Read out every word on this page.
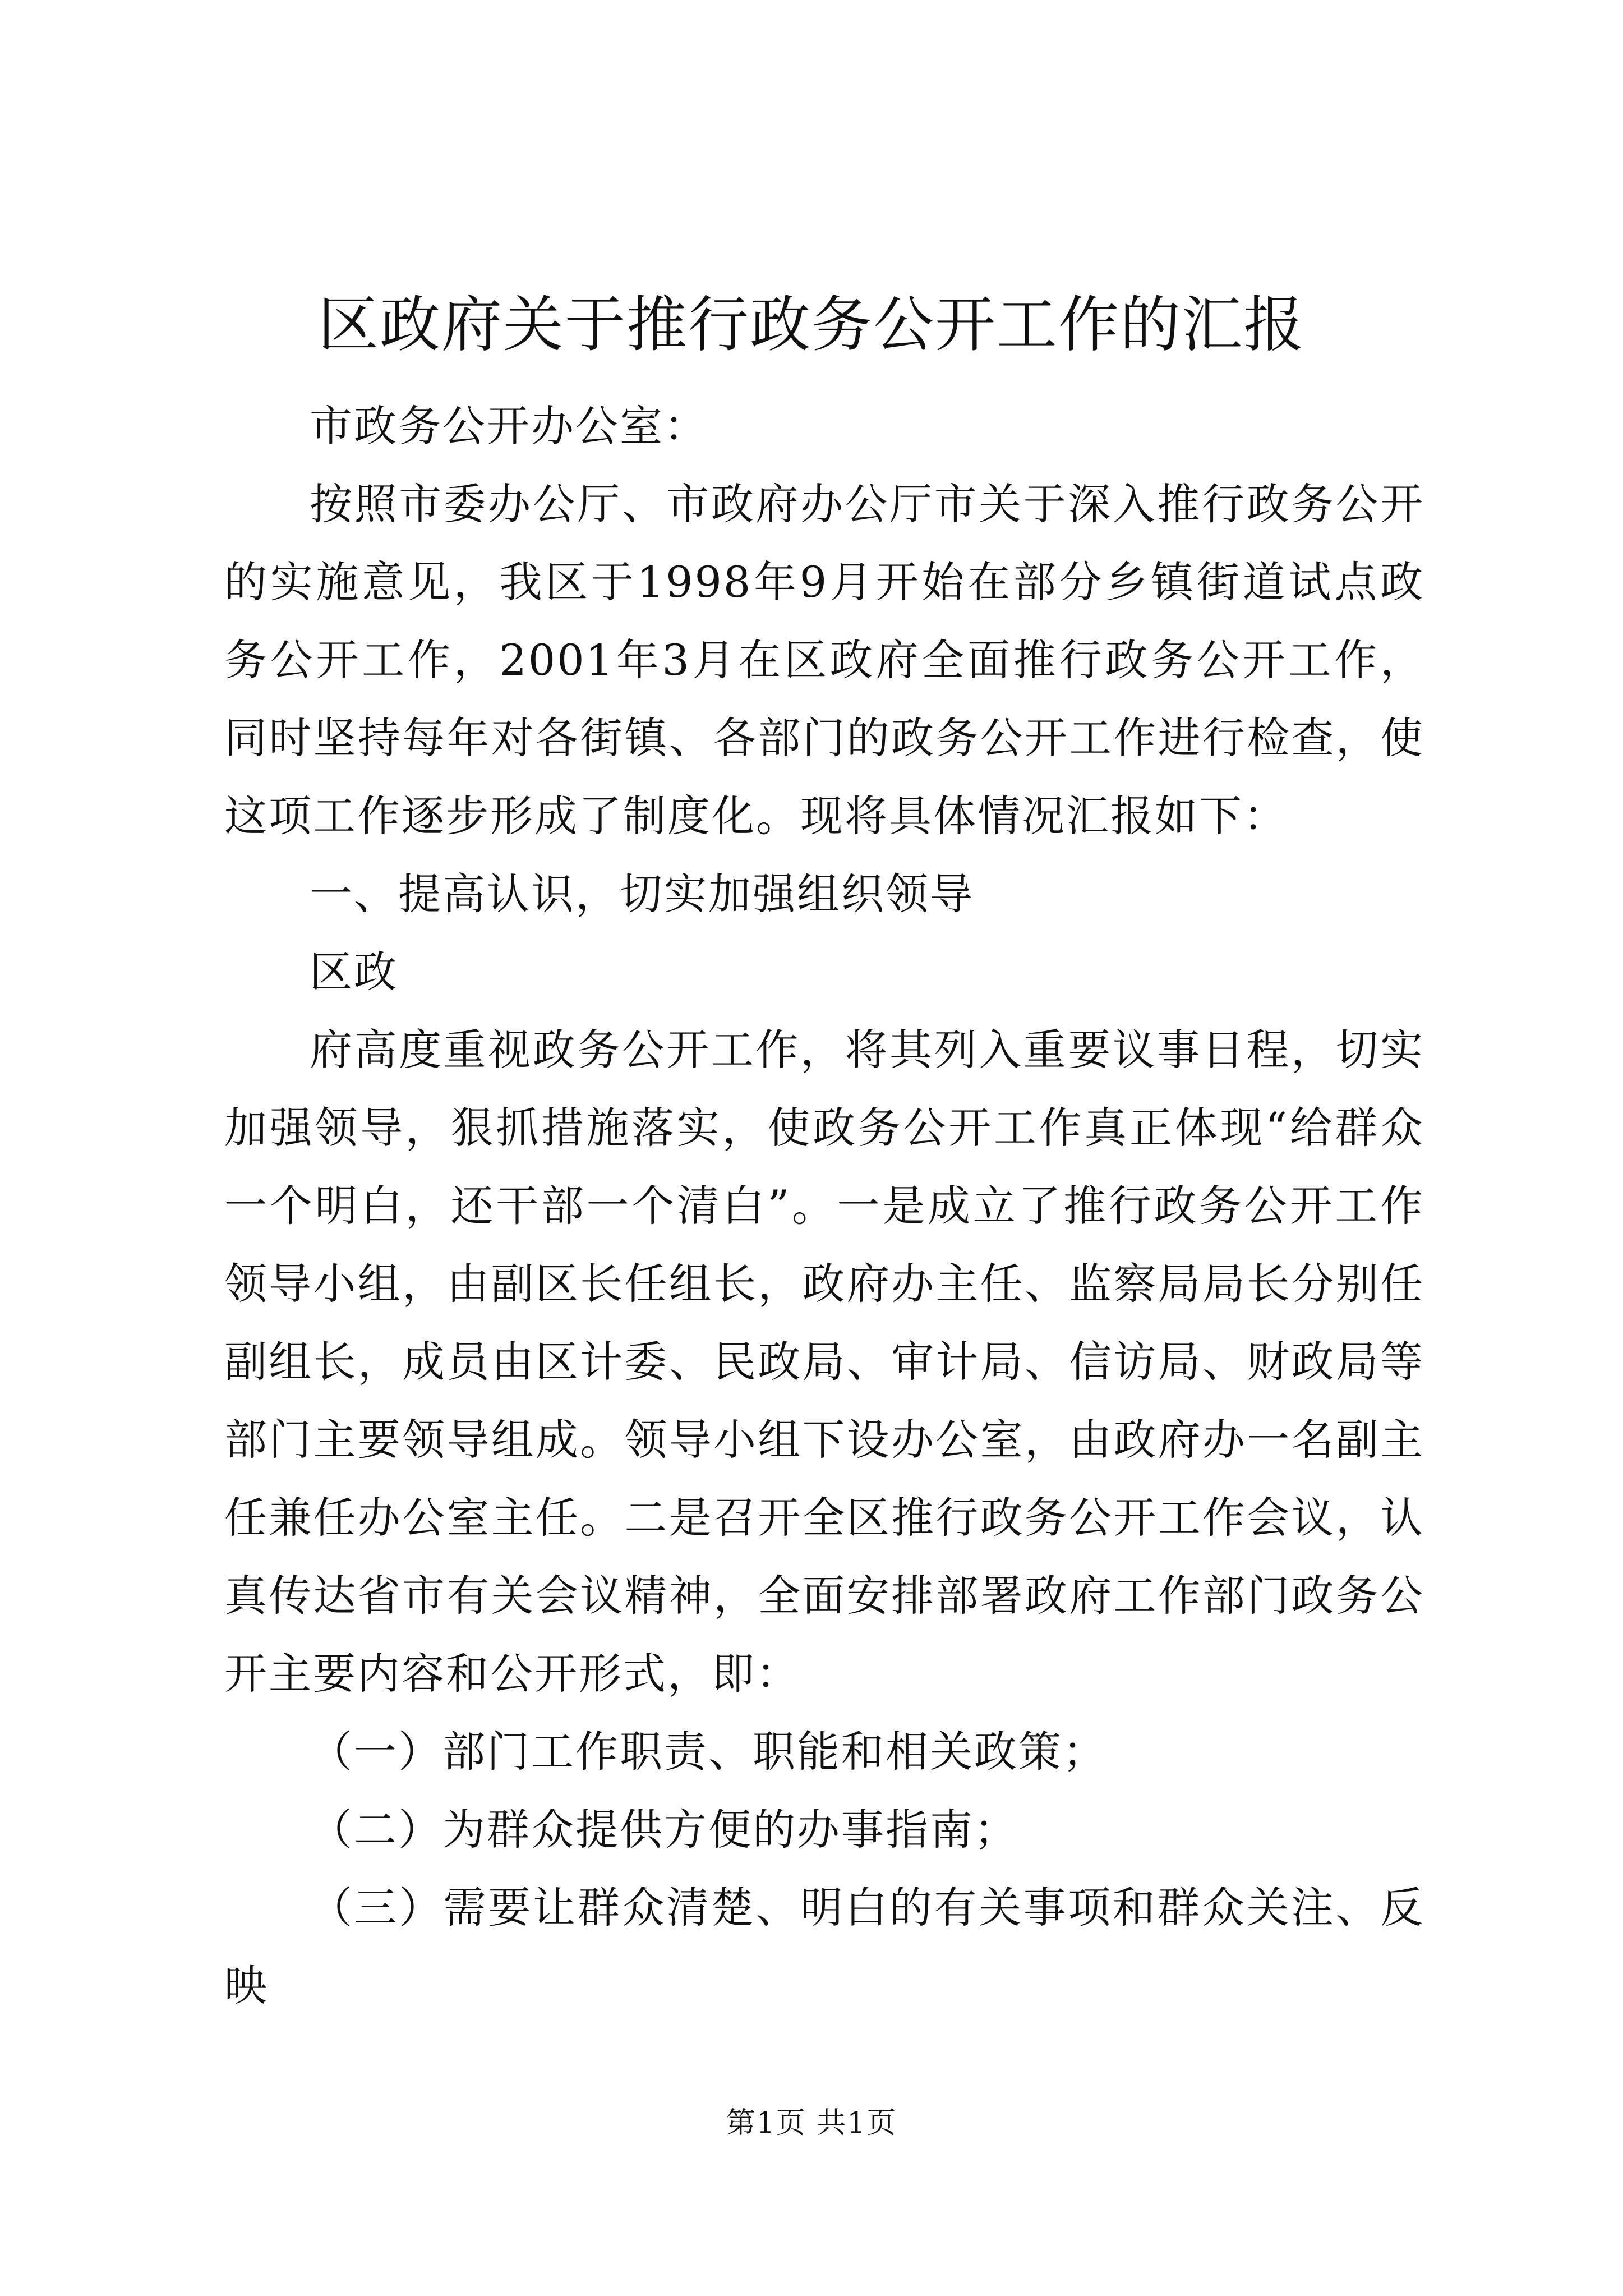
区政府关于推行政务公开工作的汇报

市政务公开办公室：

按照市委办公厅、市政府办公厅市关于深入推行政务公开的实施意见，我区于1998年9月开始在部分乡镇街道试点政务公开工作，2001年3月在区政府全面推行政务公开工作，同时坚持每年对各街镇、各部门的政务公开工作进行检查，使这项工作逐步形成了制度化。现将具体情况汇报如下：

一、提高认识，切实加强组织领导

区政

府高度重视政务公开工作，将其列入重要议事日程，切实加强领导，狠抓措施落实，使政务公开工作真正体现“给群众一个明白，还干部一个清白”。一是成立了推行政务公开工作领导小组，由副区长任组长，政府办主任、监察局局长分别任副组长，成员由区计委、民政局、审计局、信访局、财政局等部门主要领导组成。领导小组下设办公室，由政府办一名副主任兼任办公室主任。二是召开全区推行政务公开工作会议，认真传达省市有关会议精神，全面安排部署政府工作部门政务公开主要内容和公开形式，即：

（一）部门工作职责、职能和相关政策；

（二）为群众提供方便的办事指南；

（三）需要让群众清楚、明白的有关事项和群众关注、反映

第1页 共1页
